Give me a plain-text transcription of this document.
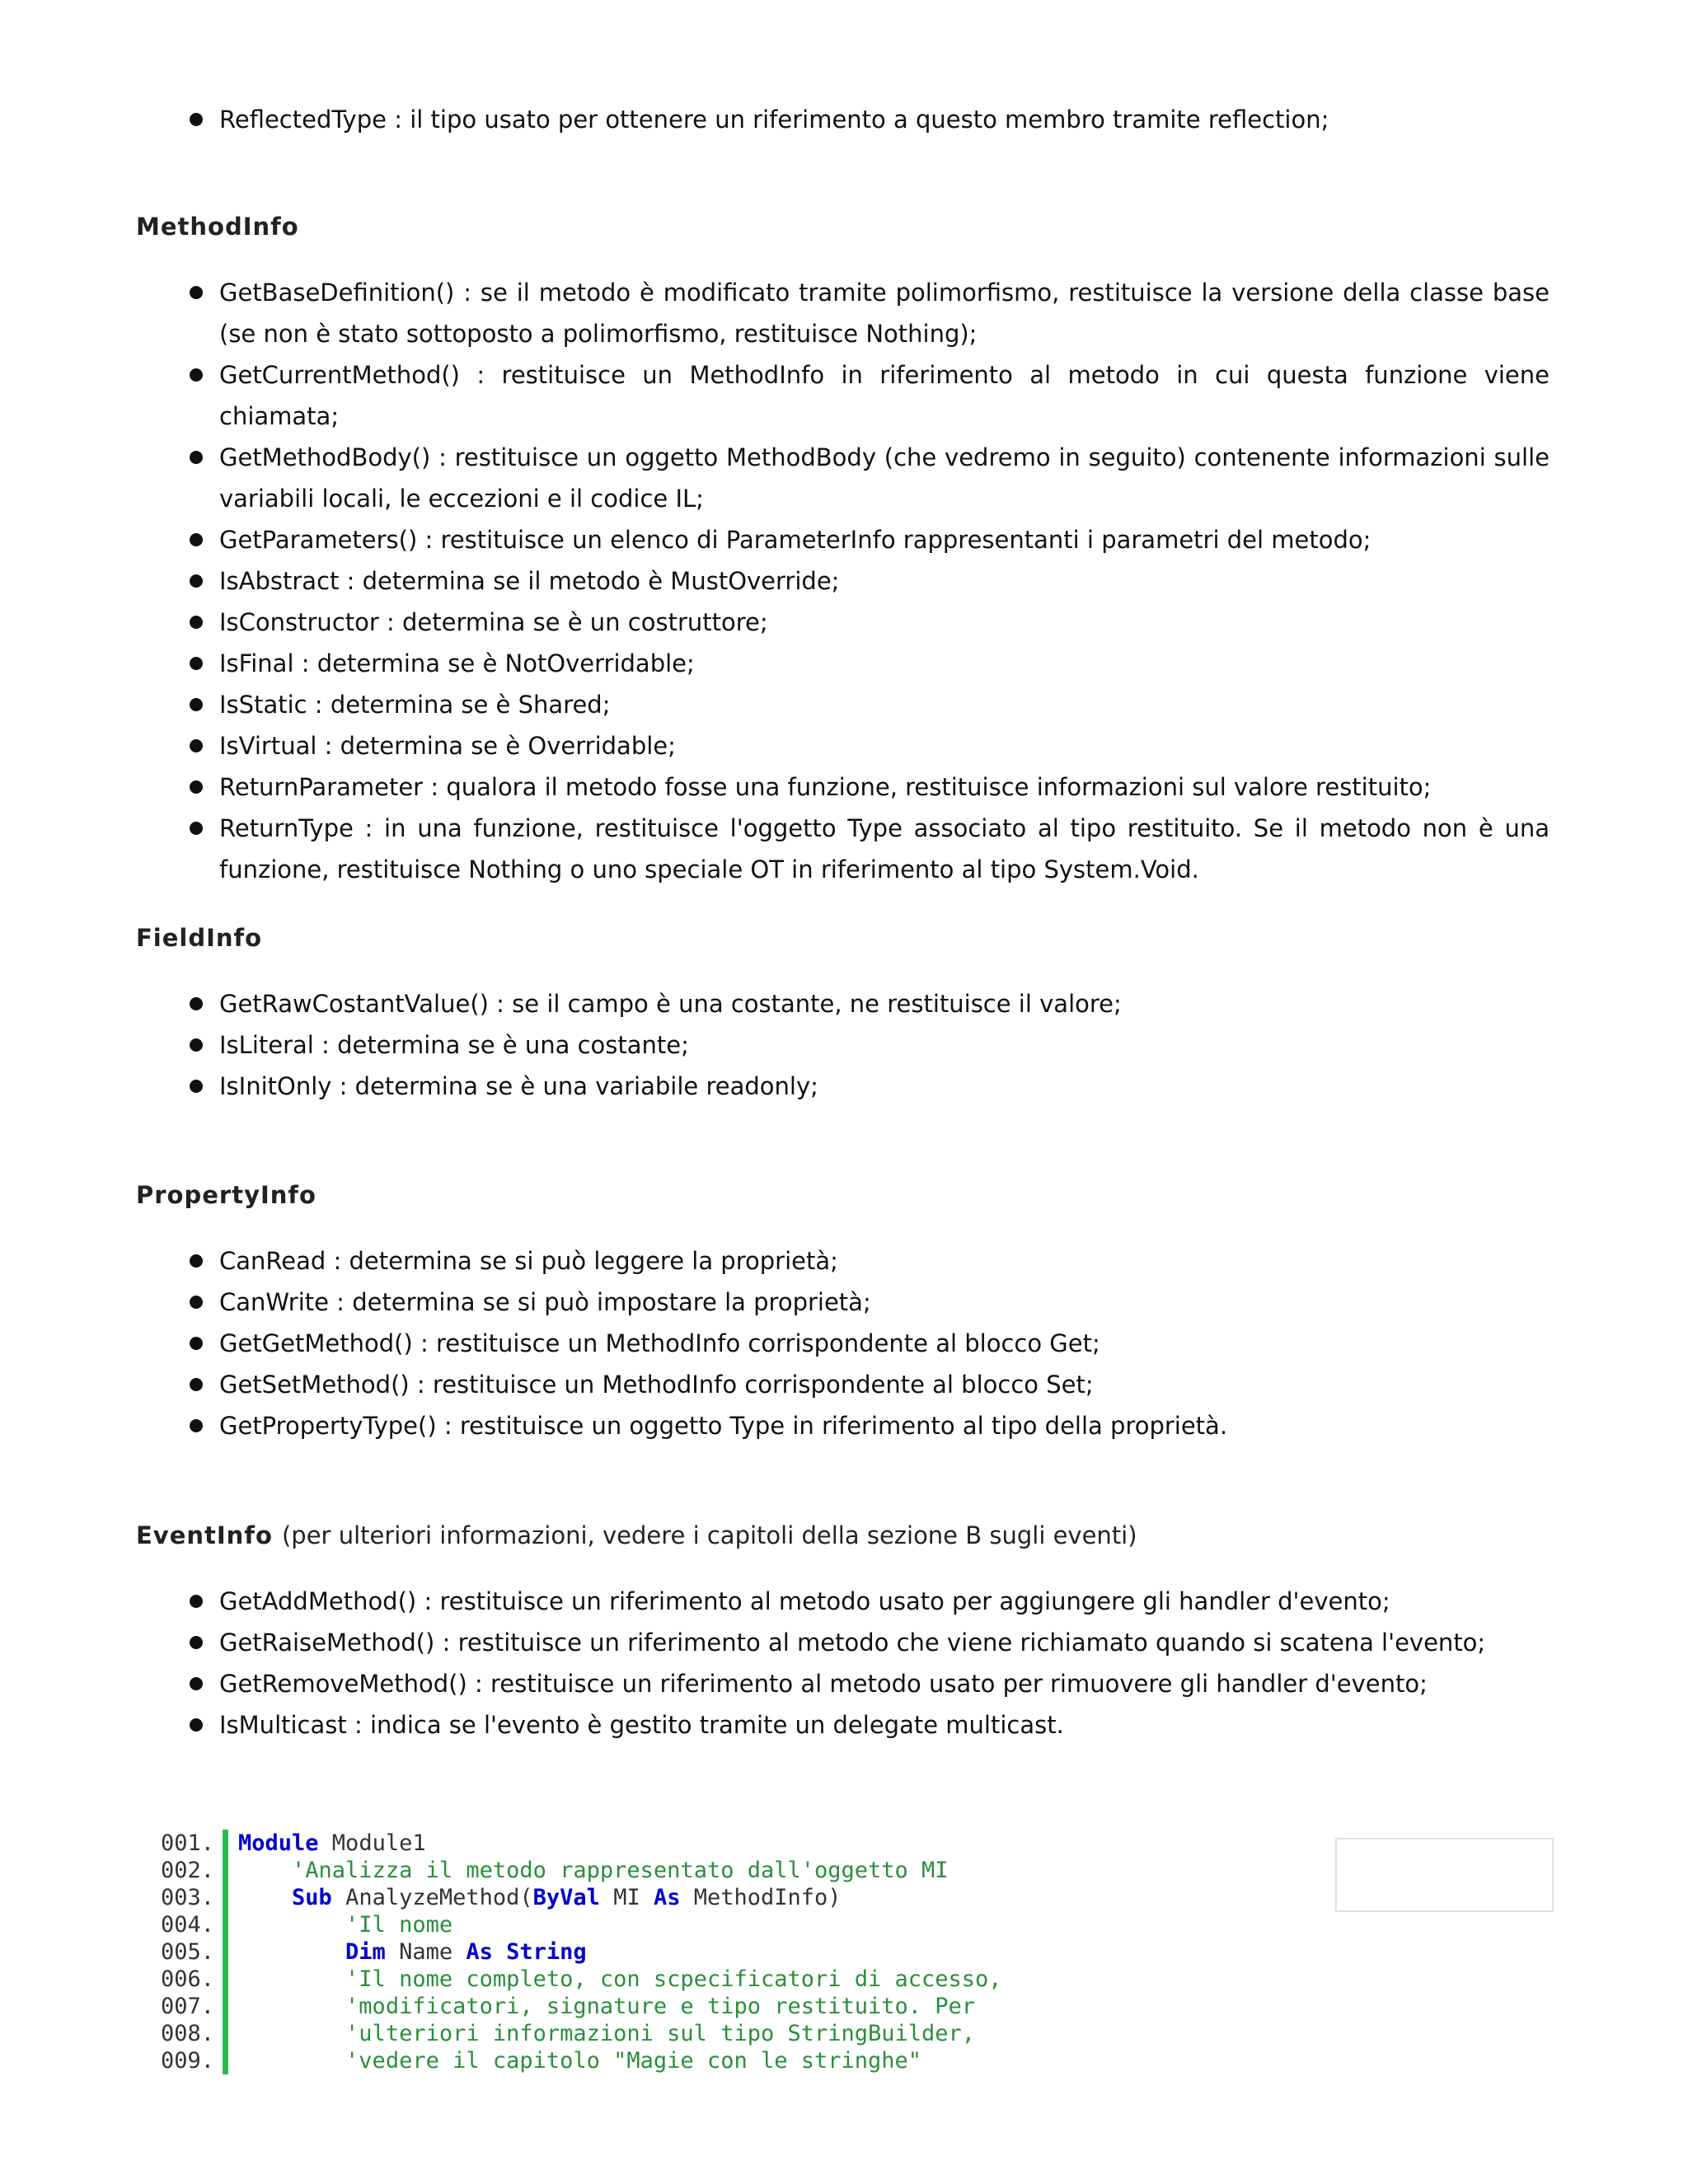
ReflectedType : il tipo usato per ottenere un riferimento a questo membro tramite reflection;
MethodInfo
GetBaseDefinition() : se il metodo è modificato tramite polimorfismo, restituisce la versione della classe base (se non è stato sottoposto a polimorfismo, restituisce Nothing);
GetCurrentMethod() : restituisce un MethodInfo in riferimento al metodo in cui questa funzione viene chiamata;
GetMethodBody() : restituisce un oggetto MethodBody (che vedremo in seguito) contenente informazioni sulle variabili locali, le eccezioni e il codice IL;
GetParameters() : restituisce un elenco di ParameterInfo rappresentanti i parametri del metodo;
IsAbstract : determina se il metodo è MustOverride;
IsConstructor : determina se è un costruttore;
IsFinal : determina se è NotOverridable;
IsStatic : determina se è Shared;
IsVirtual : determina se è Overridable;
ReturnParameter : qualora il metodo fosse una funzione, restituisce informazioni sul valore restituito;
ReturnType : in una funzione, restituisce l'oggetto Type associato al tipo restituito. Se il metodo non è una funzione, restituisce Nothing o uno speciale OT in riferimento al tipo System.Void.
FieldInfo
GetRawCostantValue() : se il campo è una costante, ne restituisce il valore;
IsLiteral : determina se è una costante;
IsInitOnly : determina se è una variabile readonly;
PropertyInfo
CanRead : determina se si può leggere la proprietà;
CanWrite : determina se si può impostare la proprietà;
GetGetMethod() : restituisce un MethodInfo corrispondente al blocco Get;
GetSetMethod() : restituisce un MethodInfo corrispondente al blocco Set;
GetPropertyType() : restituisce un oggetto Type in riferimento al tipo della proprietà.
EventInfo (per ulteriori informazioni, vedere i capitoli della sezione B sugli eventi)
GetAddMethod() : restituisce un riferimento al metodo usato per aggiungere gli handler d'evento;
GetRaiseMethod() : restituisce un riferimento al metodo che viene richiamato quando si scatena l'evento;
GetRemoveMethod() : restituisce un riferimento al metodo usato per rimuovere gli handler d'evento;
IsMulticast : indica se l'evento è gestito tramite un delegate multicast.
001.	Module Module1
002.	'Analizza il metodo rappresentato dall'oggetto MI
003.	Sub AnalyzeMethod(ByVal MI As MethodInfo)
004.	'Il nome
005.	Dim Name As String
006.	'Il nome completo, con scpecificatori di accesso,
007.	'modificatori, signature e tipo restituito. Per
008.	'ulteriori informazioni sul tipo StringBuilder,
009.	'vedere il capitolo "Magie con le stringhe"
